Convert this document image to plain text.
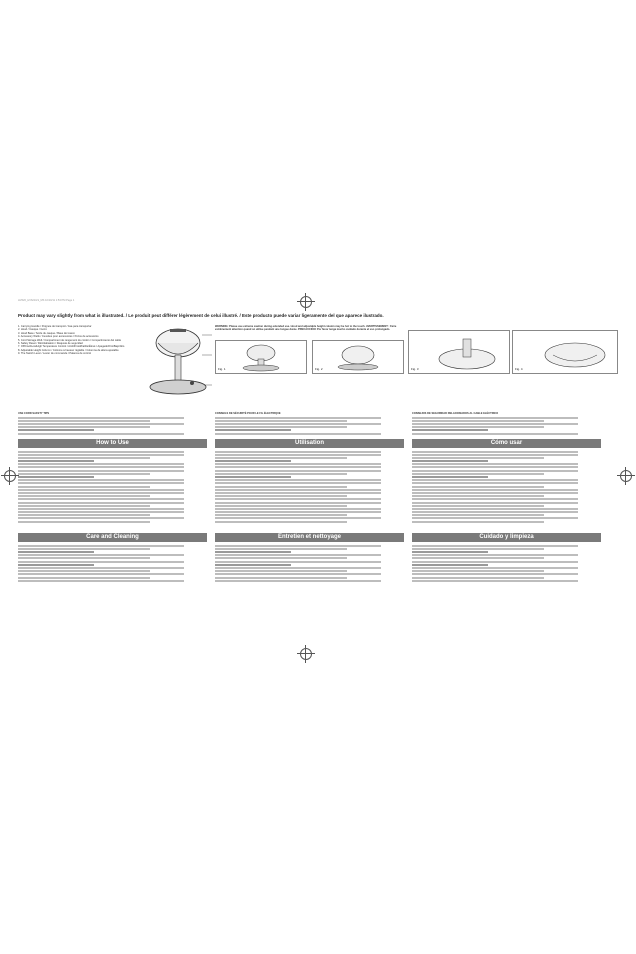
HV620_HV621GS_MS 10/10/11 1:53 PM Page 1
Product may vary slightly from what is illustrated. / Le produit peut différer légèrement de celui illustré. / Este producto puede variar ligeramente del que aparece ilustrado.
1. Carrying Handle / Poignée de transport / Asa para transportar
2. Hood / Casque / Gorro
3. Hood Base / Socle du casque / Base del casco
4. Accessory Wells / Cuvettes pour accessoires / Pozos de accesorios
5. Cord Storage Well / Compartiment de rangement du cordon / Compartimiento del cable
6. Safety Reset / Réinitialisation / Reajuste de seguridad
7. Off/Cool/Low/High Temperature Control / Arrêt/Froid/Faible/Élevé / Apagado/Frío/Bajo/Alto
8. Adjustable Height Column / Colonne à hauteur réglable / Columna de altura ajustable
9. The Switch Lever / Levier de commande / Palanca de control
WARNING: Please use extreme caution during extended use. Hood and adjustable height column may be hot to the touch. AVERTISSEMENT : Faire extrêmement attention quand on utilise pendant une longue durée. PRECAUCIÓN: Por favor tenga mucho cuidado durante el uso prolongado.
Fig. 1	Fig. 2	Fig. 3	Fig. 4
USE CORD SAFETY TIPS
How to Use
Care and Cleaning
CONSEILS DE SÉCURITÉ POUR LE FIL ÉLECTRIQUE
Utilisation
Entretien et nettoyage
CONSEJOS DE SEGURIDAD RELACIONADOS AL CABLE ELÉCTRICO
Cómo usar
Cuidado y limpieza
